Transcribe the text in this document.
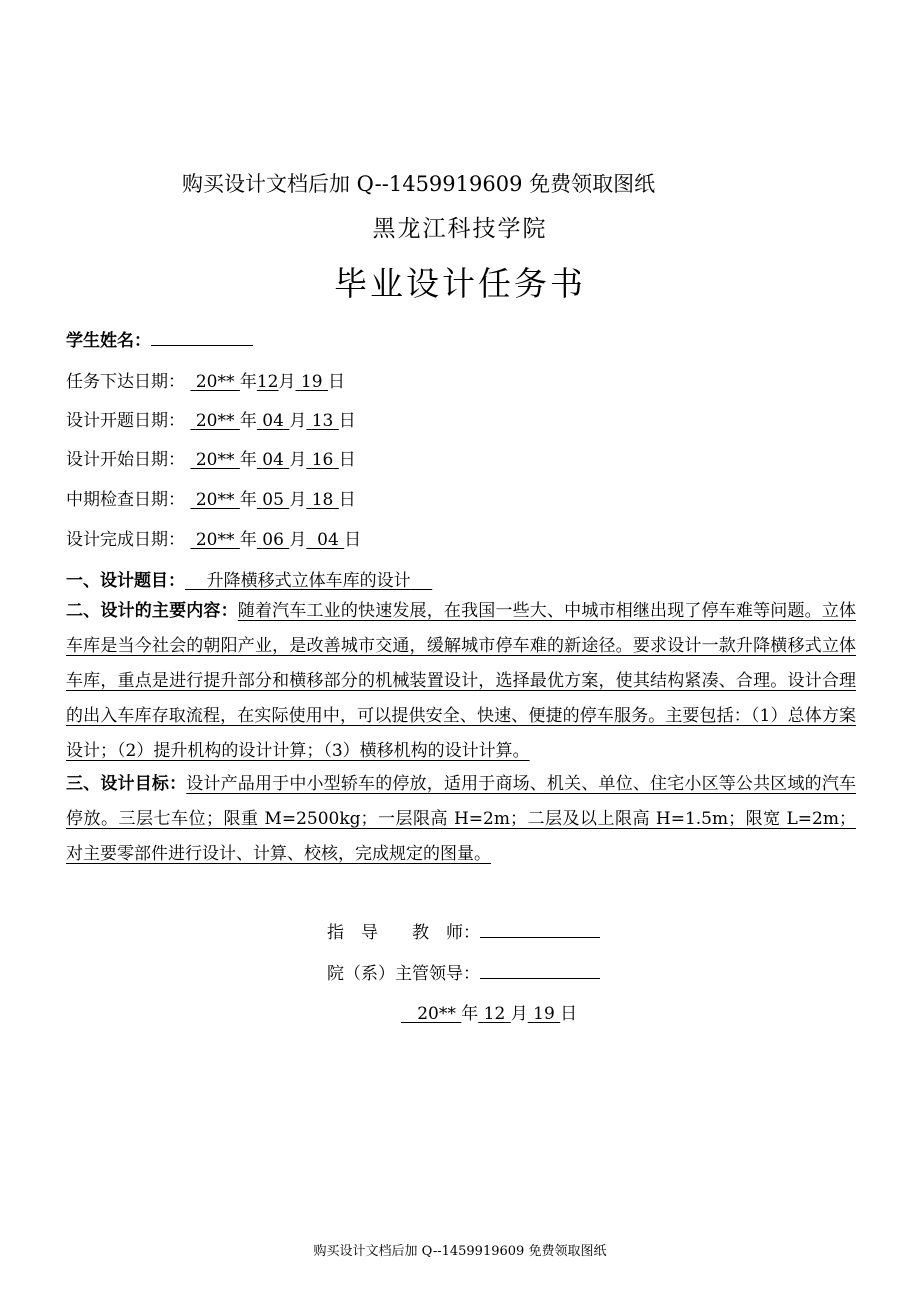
购买设计文档后加 Q--1459919609 免费领取图纸
黑龙江科技学院
毕业设计任务书
学生姓名：
任务下达日期： 20** 年12月 19 日
设计开题日期： 20** 年 04 月 13 日
设计开始日期： 20** 年 04 月 16 日
中期检查日期： 20** 年 05 月 18 日
设计完成日期： 20** 年 06 月 04 日
一、设计题目： 升降横移式立体车库的设计

二、设计的主要内容：随着汽车工业的快速发展，在我国一些大、中城市相继出现了停车难等问题。立体车库是当今社会的朝阳产业，是改善城市交通，缓解城市停车难的新途径。要求设计一款升降横移式立体车库，重点是进行提升部分和横移部分的机械装置设计，选择最优方案，使其结构紧凑、合理。设计合理的出入车库存取流程，在实际使用中，可以提供安全、快速、便捷的停车服务。主要包括：（1）总体方案设计；（2）提升机构的设计计算；（3）横移机构的设计计算。

三、设计目标：设计产品用于中小型轿车的停放，适用于商场、机关、单位、住宅小区等公共区域的汽车停放。三层七车位；限重 M=2500kg；一层限高 H=2m；二层及以上限高 H=1.5m；限宽 L=2m；对主要零部件进行设计、计算、校核，完成规定的图量。

指　导　　教　师：
院（系）主管领导：
20** 年 12 月 19 日
购买设计文档后加 Q--1459919609 免费领取图纸
